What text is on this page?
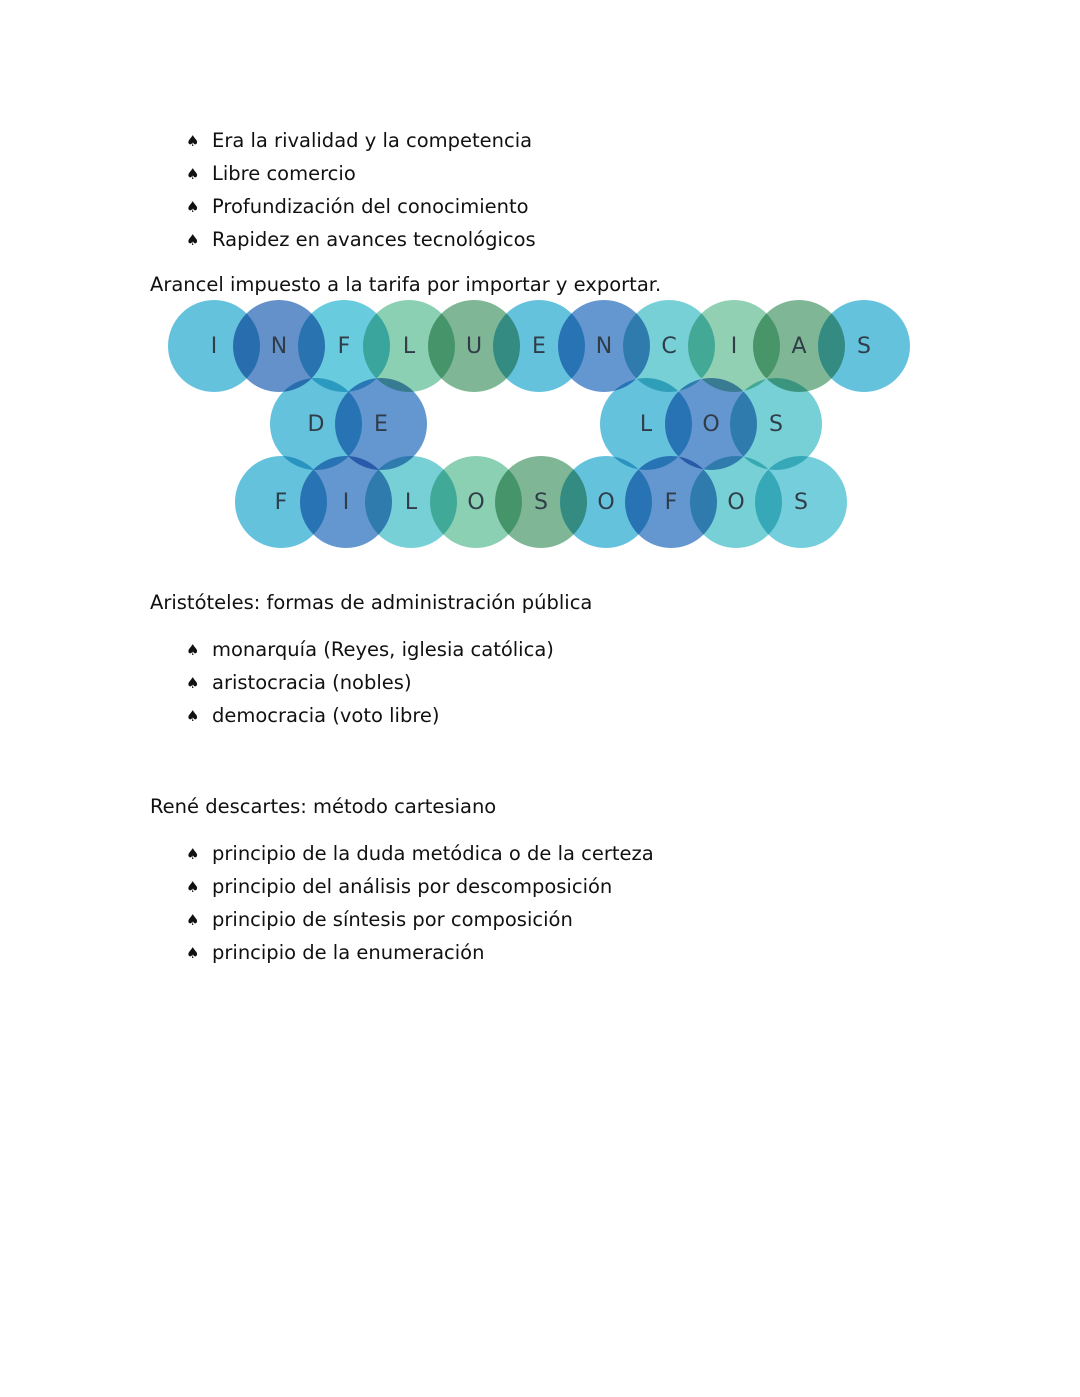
♠ Era la rivalidad y la competencia
♠ Libre comercio
♠ Profundización del conocimiento
♠ Rapidez en avances tecnológicos
Arancel impuesto a la tarifa por importar y exportar.
I N F L U E N C I A S
D E	L O S
F	I	L O S O F O S
Aristóteles: formas de administración pública
♠ monarquía (Reyes, iglesia católica)
♠ aristocracia (nobles)
♠ democracia (voto libre)
René descartes: método cartesiano
♠ principio de la duda metódica o de la certeza
♠ principio del análisis por descomposición
♠ principio de síntesis por composición
♠ principio de la enumeración
